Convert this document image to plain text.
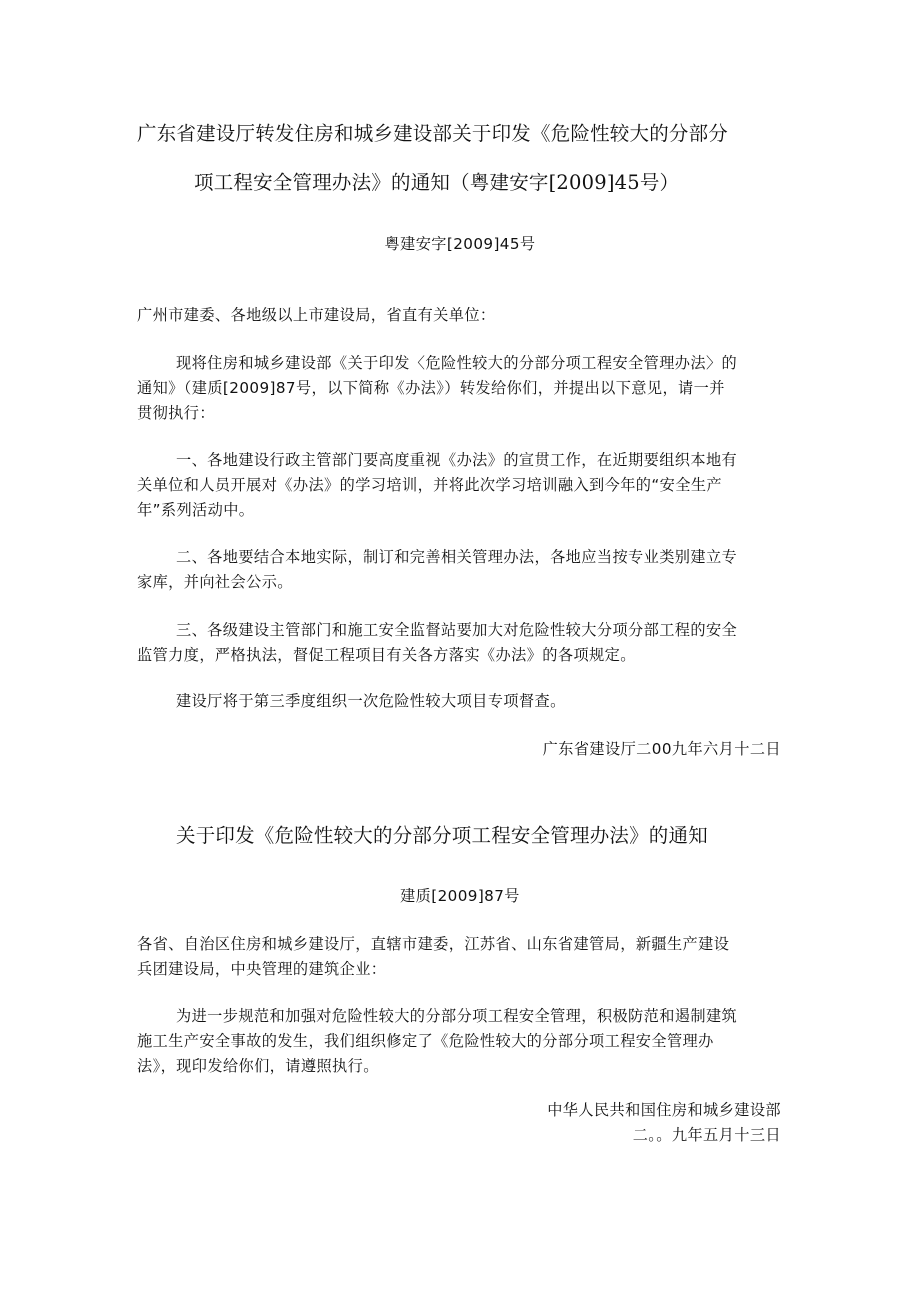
广东省建设厅转发住房和城乡建设部关于印发《危险性较大的分部分

项工程安全管理办法》的通知（粤建安字[2009]45号）

粤建安字[2009]45号

广州市建委、各地级以上市建设局，省直有关单位：

现将住房和城乡建设部《关于印发〈危险性较大的分部分项工程安全管理办法〉的

通知》（建质[2009]87号，以下简称《办法》）转发给你们，并提出以下意见，请一并

贯彻执行：

一、各地建设行政主管部门要高度重视《办法》的宣贯工作，在近期要组织本地有

关单位和人员开展对《办法》的学习培训，并将此次学习培训融入到今年的“安全生产

年”系列活动中。

二、各地要结合本地实际，制订和完善相关管理办法，各地应当按专业类别建立专

家库，并向社会公示。

三、各级建设主管部门和施工安全监督站要加大对危险性较大分项分部工程的安全

监管力度，严格执法，督促工程项目有关各方落实《办法》的各项规定。

建设厅将于第三季度组织一次危险性较大项目专项督查。

广东省建设厅二00九年六月十二日

关于印发《危险性较大的分部分项工程安全管理办法》的通知

建质[2009]87号

各省、自治区住房和城乡建设厅，直辖市建委，江苏省、山东省建管局，新疆生产建设

兵团建设局，中央管理的建筑企业：

为进一步规范和加强对危险性较大的分部分项工程安全管理，积极防范和遏制建筑

施工生产安全事故的发生，我们组织修定了《危险性较大的分部分项工程安全管理办

法》，现印发给你们，请遵照执行。

中华人民共和国住房和城乡建设部

二。。九年五月十三日
